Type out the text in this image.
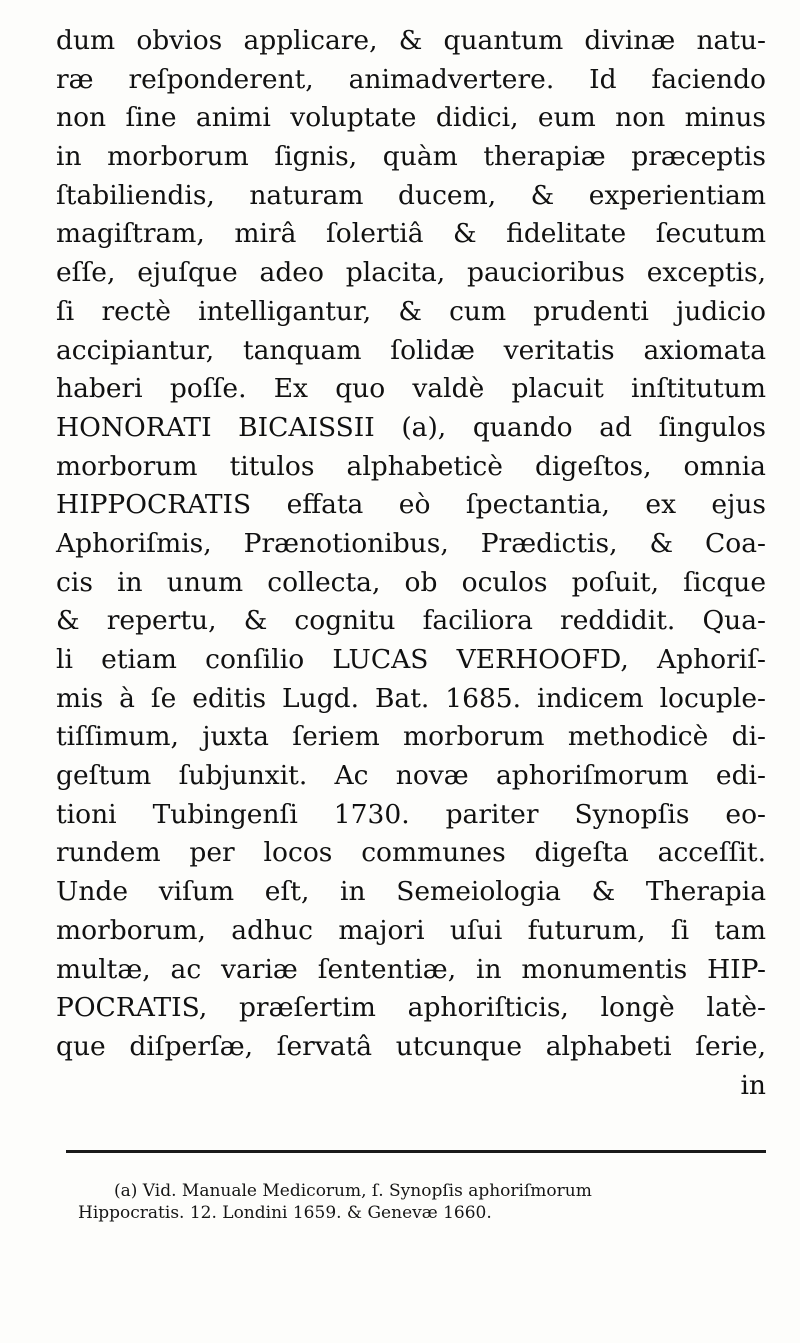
dum obvios applicare, & quantum divinæ natu-
ræ reſponderent, animadvertere. Id faciendo
non ſine animi voluptate didici, eum non minus
in morborum ſignis, quàm therapiæ præceptis
ſtabiliendis, naturam ducem, & experientiam
magiſtram, mirâ ſolertiâ & fidelitate ſecutum
eſſe, ejuſque adeo placita, paucioribus exceptis,
ſi rectè intelligantur, & cum prudenti judicio
accipiantur, tanquam ſolidæ veritatis axiomata
haberi poſſe. Ex quo valdè placuit inſtitutum
HONORATI BICAISSII (a), quando ad ſingulos
morborum titulos alphabeticè digeſtos, omnia
HIPPOCRATIS effata eò ſpectantia, ex ejus
Aphoriſmis, Prænotionibus, Prædictis, & Coa-
cis in unum collecta, ob oculos poſuit, ſicque
& repertu, & cognitu faciliora reddidit. Qua-
li etiam conſilio LUCAS VERHOOFD, Aphoriſ-
mis à ſe editis Lugd. Bat. 1685. indicem locuple-
tiſſimum, juxta ſeriem morborum methodicè di-
geſtum ſubjunxit. Ac novæ aphoriſmorum edi-
tioni Tubingenſi 1730. pariter Synopſis eo-
rundem per locos communes digeſta acceſſit.
Unde viſum eſt, in Semeiologia & Therapia
morborum, adhuc majori uſui futurum, ſi tam
multæ, ac variæ ſententiæ, in monumentis HIP-
POCRATIS, præſertim aphoriſticis, longè latè-
que diſperſæ, ſervatâ utcunque alphabeti ſerie,
in
(a) Vid. Manuale Medicorum, ſ. Synopſis aphoriſmorum
Hippocratis. 12. Londini 1659. & Genevæ 1660.
